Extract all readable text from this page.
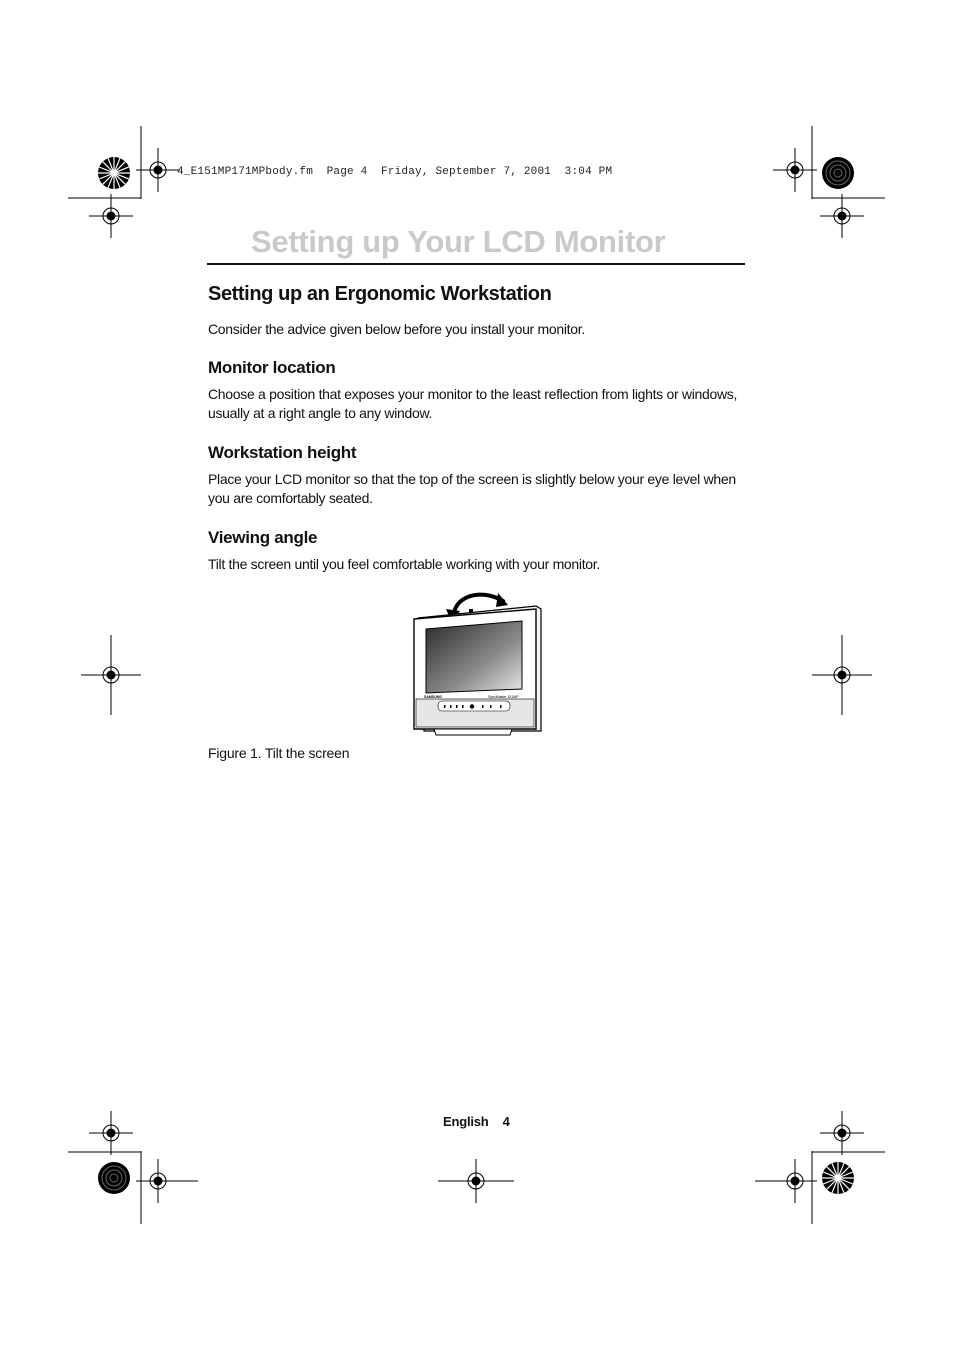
4_E151MP171MPbody.fm  Page 4  Friday, September 7, 2001  3:04 PM
Setting up Your LCD Monitor
Setting up an Ergonomic Workstation

Consider the advice given below before you install your monitor.

Monitor location

Choose a position that exposes your monitor to the least reflection from lights or windows, usually at a right angle to any window.

Workstation height

Place your LCD monitor so that the top of the screen is slightly below your eye level when you are comfortably seated.

Viewing angle

Tilt the screen until you feel comfortable working with your monitor.

SAMSUNG	SyncMaster 151MP
Figure 1. Tilt the screen
English 4
